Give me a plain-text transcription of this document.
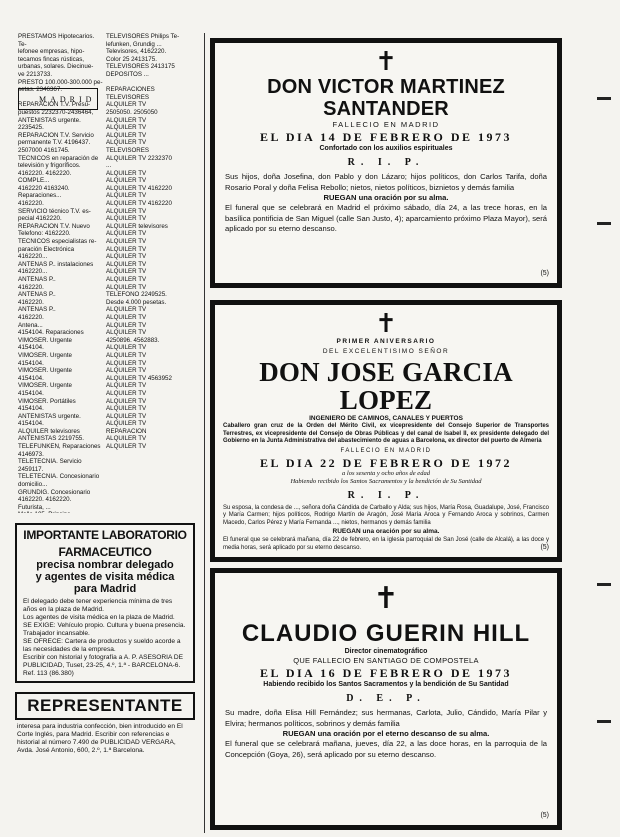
PRESTAMOS Hipotecarios. Te-
lefonee empresas, hipo-
tecamos fincas rústicas,
urbanas, solares. Diecinue-
ve 2213733.
PRESTO 100.000-300.000 pe-
setas. 2346367.

REPARACION T.V. Presu-
puestos 2232370-2436464,
ANTENISTAS urgente.
2235425.
REPARACION T.V. Servicio
permanente T.V. 4196437.
2507000 4161745.
TECNICOS en reparación de
televisión y frigoríficos.
4162220. 4162220.
COMPLE...
4162220 4163240.
Reparaciones...
4162220.
SERVICIO técnico T.V. es-
pecial 4162220.
REPARACION T.V. Nuevo
Telefono: 4162220.
TECNICOS especialistas re-
paración Electrónica
4162220...
ANTENAS P.. instalaciones
4162220...
ANTENAS P..
4162220.
ANTENAS P..
4162220.
ANTENAS P..
4162220.
Antena...
4154104. Reparaciones
VIMOSER. Urgente
4154104.
VIMOSER. Urgente
4154104.
VIMOSER. Urgente
4154104.
VIMOSER. Urgente
4154104.
VIMOSER. Portátiles
4154104.
ANTENISTAS urgente.
4154104.
ALQUILER televisores
ANTENISTAS 2219755.
TELEFUNKEN, Reparaciones
4146973.
TELETECNIA. Servicio
2459117.
TELETECNIA. Concesionario
domicilio...
GRUNDIG. Concesionario
4162220. 4162220.
Futurista, ...

MADRID
TELEVISORES Philips Te-
lefunken, Grundig ...
Televisores, 4162220.
Color 25 2413175.
TELEVISORES 2413175
DEPOSITOS ...

REPARACIONES
TELEVISORES
ALQUILER TV
2505050. 2505050
ALQUILER TV
ALQUILER TV
ALQUILER TV
ALQUILER TV
TELEVISORES
ALQUILER TV 2232370
...
ALQUILER TV
ALQUILER TV
ALQUILER TV 4162220
ALQUILER TV
ALQUILER TV 4162220
ALQUILER TV
ALQUILER TV
ALQUILER televisores
ALQUILER TV
ALQUILER TV
ALQUILER TV
ALQUILER TV
ALQUILER TV
ALQUILER TV
ALQUILER TV
ALQUILER TV
TELEFONO 2249525.
Desde 4.000 pesetas.
ALQUILER TV
ALQUILER TV
ALQUILER TV
ALQUILER TV
4250896. 4562883.
ALQUILER TV
ALQUILER TV
ALQUILER TV
ALQUILER TV
ALQUILER TV 4563952
ALQUILER TV
ALQUILER TV
ALQUILER TV
ALQUILER TV
ALQUILER TV
ALQUILER TV
REPARACION
ALQUILER TV
ALQUILER TV
IMPORTANTE LABORATORIO
FARMACEUTICO
precisa nombrar delegado
y agentes de visita médica
para Madrid
El delegado debe tener experiencia mínima de tres años en la plaza de Madrid.
Los agentes de visita médica en la plaza de Madrid.
SE EXIGE: Vehículo propio. Cultura y buena presencia. Trabajador incansable.
SE OFRECE: Cartera de productos y sueldo acorde a las necesidades de la empresa.
Escribir con historial y fotografía a A. P. ASESORIA DE PUBLICIDAD, Tuset, 23-25, 4.º, 1.ª - BARCELONA-6. Ref. 113 (86.380)
REPRESENTANTE
interesa para industria confección, bien introducido en El Corte Inglés, para Madrid. Escribir con referencias e historial al número 7.490 de PUBLICIDAD VERGARA, Avda. José Antonio, 600, 2.º, 1.ª Barcelona.
✝
DON VICTOR MARTINEZ SANTANDER
FALLECIO EN MADRID
EL DIA 14 DE FEBRERO DE 1973
Confortado con los auxilios espirituales
R. I. P.
Sus hijos, doña Josefina, don Pablo y don Lázaro; hijos políticos, don Carlos Tarifa, doña Rosario Poral y doña Felisa Rebollo; nietos, nietos políticos, biznietos y demás familia
RUEGAN una oración por su alma.
El funeral que se celebrará en Madrid el próximo sábado, día 24, a las trece horas, en la basílica pontificia de San Miguel (calle San Justo, 4); aparcamiento próximo Plaza Mayor), será aplicado por su eterno descanso.
(5)
✝
PRIMER ANIVERSARIO
DEL EXCELENTISIMO SEÑOR
DON JOSE GARCIA LOPEZ
INGENIERO DE CAMINOS, CANALES Y PUERTOS
Caballero gran cruz de la Orden del Mérito Civil, ex vicepresidente del Consejo Superior de Transportes Terrestres, ex vicepresidente del Consejo de Obras Públicas y del canal de Isabel II, ex presidente delegado del Gobierno en la Junta Administrativa del abastecimiento de aguas a Barcelona, ex director del puerto de Almería
FALLECIO EN MADRID
EL DIA 22 DE FEBRERO DE 1972
a los sesenta y ocho años de edad
Habiendo recibido los Santos Sacramentos y la bendición de Su Santidad
R. I. P.
Su esposa, la condesa de ..., señora doña Cándida de Carballo y Alda; sus hijos, María Rosa, Guadalupe, José, Francisco y María Carmen; hijos políticos, Rodrigo Martín de Aragón, José María Aroca y Fernando Aroca y sobrinos, Carmen Macedo, Carlos Pérez y María Fernanda ..., nietos, hermanos y demás familia
RUEGAN una oración por su alma.
El funeral que se celebrará mañana, día 22 de febrero, en la iglesia parroquial de San José (calle de Alcalá), a las doce y media horas, será aplicado por su eterno descanso.	(5)
✝
CLAUDIO GUERIN HILL
Director cinematográfico
QUE FALLECIO EN SANTIAGO DE COMPOSTELA
EL DIA 16 DE FEBRERO DE 1973
Habiendo recibido los Santos Sacramentos y la bendición de Su Santidad
D. E. P.
Su madre, doña Elisa Hill Fernández; sus hermanas, Carlota, Julio, Cándido, María Pilar y Elvira; hermanos políticos, sobrinos y demás familia
RUEGAN una oración por el eterno descanso de su alma.
El funeral que se celebrará mañana, jueves, día 22, a las doce horas, en la parroquia de la Concepción (Goya, 26), será aplicado por su eterno descanso.
(5)
